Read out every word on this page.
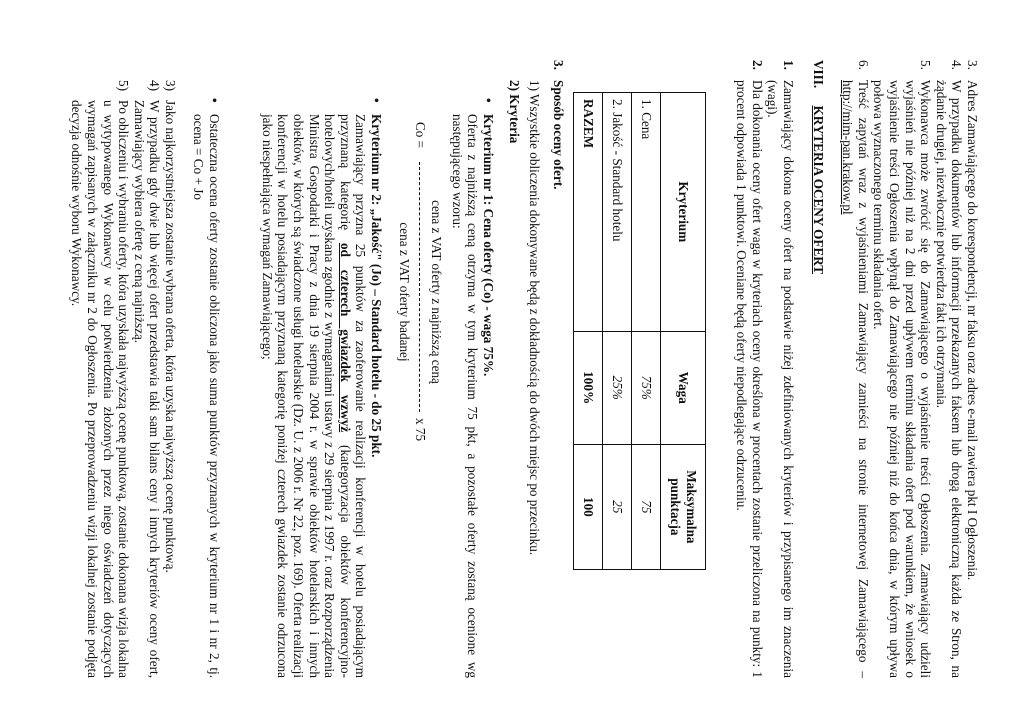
3.
Adres Zamawiającego do korespondencji, nr faksu oraz adres e-mail zawiera pkt I Ogłoszenia.
4.
W przypadku dokumentów lub informacji przekazanych faksem lub drogą elektroniczną każda ze Stron, na żądanie drugiej, niezwłocznie potwierdza fakt ich otrzymania.
5.
Wykonawca może zwrócić się do Zamawiającego o wyjaśnienie treści Ogłoszenia. Zamawiający udzieli wyjaśnień nie później niż na 2 dni przed upływem terminu składania ofert pod warunkiem, że wniosek o wyjaśnienie treści Ogłoszenia wpłynął do Zamawiającego nie później niż do końca dnia, w którym upływa połowa wyznaczonego terminu składania ofert.
6.
Treść zapytań wraz z wyjaśnieniami Zamawiający zamieści na stronie internetowej Zamawiającego – http://mim-pan.krakow.pl
VIII. KRYTERIA OCENY OFERT
1.
Zamawiający dokona oceny ofert na podstawie niżej zdefiniowanych kryteriów i przypisanego im znaczenia (wagi).
2.
Dla dokonania oceny ofert waga w kryteriach oceny określona w procentach zostanie przeliczona na punkty: 1 procent odpowiada 1 punktowi. Oceniane będą oferty niepodlegające odrzuceniu.
Kryterium	Waga	Maksymalna punktacja
1. Cena	75%	75
2. Jakość - Standard hotelu	25%	25
RAZEM	100%	100
3.
Sposób oceny ofert.
1) Wszystkie obliczenia dokonywane będą z dokładnością do dwóch miejsc po przecinku.
2) Kryteria
•
Kryterium nr 1: Cena oferty (Co) - waga 75%.
Oferta z najniższą ceną otrzyma w tym kryterium 75 pkt, a pozostałe oferty zostaną ocenione wg następującego wzoru:
Co =
cena z VAT oferty z najniższą ceną
x 75
cena z VAT oferty badanej
•
Kryterium nr 2: „Jakość" (Jo) – Standard hotelu - do 25 pkt.
Zamawiający przyzna 25 punktów za zaoferowanie realizacji konferencji w hotelu posiadającym przyznaną kategorię od czterech gwiazdek wzwyż (kategoryzacja obiektów konferencyjno-hotelowych/hoteli uzyskana zgodnie z wymaganiami ustawy z 29 sierpnia z 1997 r. oraz Rozporządzenia Ministra Gospodarki i Pracy z dnia 19 sierpnia 2004 r. w sprawie obiektów hotelarskich i innych obiektów, w których są świadczone usługi hotelarskie (Dz. U. z 2006 r. Nr 22, poz. 169). Oferta realizacji konferencji w hotelu posiadającym przyznaną kategorię poniżej czterech gwiazdek zostanie odrzucona jako niespełniająca wymagań Zamawiającego;
•
Ostateczna ocena oferty zostanie obliczona jako suma punktów przyznanych w kryterium nr 1 i nr 2, tj. ocena = Co + Jo
3)
Jako najkorzystniejsza zostanie wybrana oferta, która uzyska najwyższą ocenę punktową.
4)
W przypadku gdy dwie lub więcej ofert przedstawia taki sam bilans ceny i innych kryteriów oceny ofert, Zamawiający wybiera ofertę z ceną najniższą.
5)
Po obliczeniu i wybraniu oferty, która uzyskała najwyższą ocenę punktową, zostanie dokonana wizja lokalna u wytypowanego Wykonawcy w celu potwierdzenia złożonych przez niego oświadczeń dotyczących wymagań zapisanych w załączniku nr 2 do Ogłoszenia. Po przeprowadzeniu wizji lokalnej zostanie podjęta decyzja odnośnie wyboru Wykonawcy.
